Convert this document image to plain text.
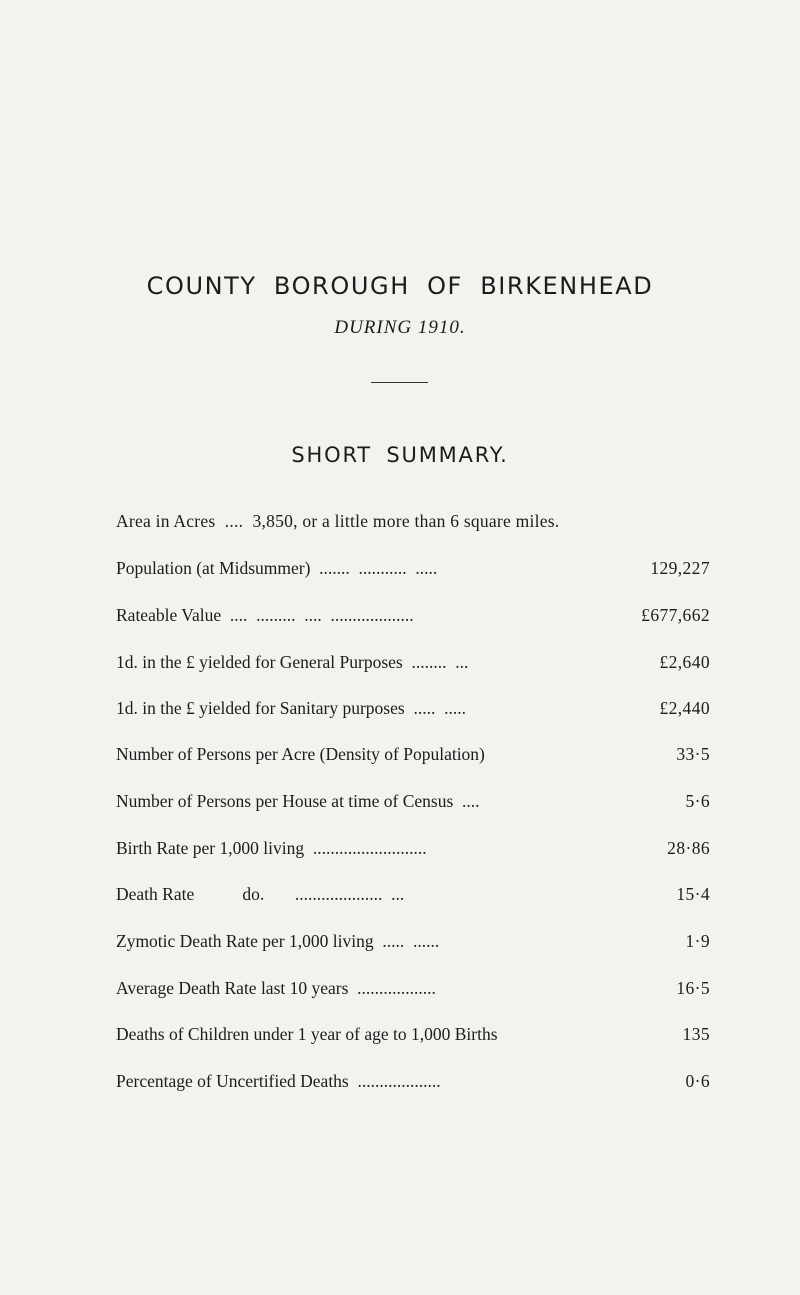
COUNTY BOROUGH OF BIRKENHEAD
DURING 1910.
SHORT SUMMARY.
Area in Acres  ....  3,850, or a little more than 6 square miles.
Population (at Midsummer)  .......  ...........  .....	129,227
Rateable Value  ....  .........  ....  ...................	£677,662
1d. in the £ yielded for General Purposes  ........  ...	£2,640
1d. in the £ yielded for Sanitary purposes  .....  .....	£2,440
Number of Persons per Acre (Density of Population)	33·5
Number of Persons per House at time of Census  ....	5·6
Birth Rate per 1,000 living  ..........................	28·86
Death Rate           do.       ....................  ...	15·4
Zymotic Death Rate per 1,000 living  .....  ......	1·9
Average Death Rate last 10 years  ..................	16·5
Deaths of Children under 1 year of age to 1,000 Births	135
Percentage of Uncertified Deaths  ...................	0·6
